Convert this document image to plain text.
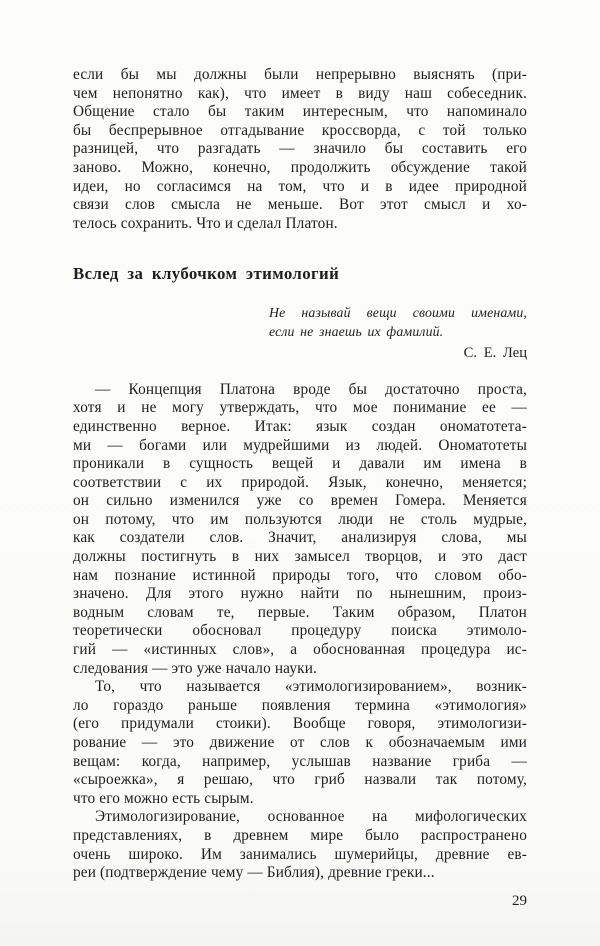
если бы мы должны были непрерывно выяснять (при-
чем непонятно как), что имеет в виду наш собеседник.
Общение стало бы таким интересным, что напоминало
бы беспрерывное отгадывание кроссворда, с той только
разницей, что разгадать — значило бы составить его
заново. Можно, конечно, продолжить обсуждение такой
идеи, но согласимся на том, что и в идее природной
связи слов смысла не меньше. Вот этот смысл и хо-
телось сохранить. Что и сделал Платон.
Вслед за клубочком этимологий
Не называй вещи своими именами,
если не знаешь их фамилий.
С. Е. Лец
— Концепция Платона вроде бы достаточно проста,
хотя и не могу утверждать, что мое понимание ее —
единственно верное. Итак: язык создан ономатотета-
ми — богами или мудрейшими из людей. Ономатотеты
проникали в сущность вещей и давали им имена в
соответствии с их природой. Язык, конечно, меняется;
он сильно изменился уже со времен Гомера. Меняется
он потому, что им пользуются люди не столь мудрые,
как создатели слов. Значит, анализируя слова, мы
должны постигнуть в них замысел творцов, и это даст
нам познание истинной природы того, что словом обо-
значено. Для этого нужно найти по нынешним, произ-
водным словам те, первые. Таким образом, Платон
теоретически обосновал процедуру поиска этимоло-
гий — «истинных слов», а обоснованная процедура ис-
следования — это уже начало науки.
То, что называется «этимологизированием», возник-
ло гораздо раньше появления термина «этимология»
(его придумали стоики). Вообще говоря, этимологизи-
рование — это движение от слов к обозначаемым ими
вещам: когда, например, услышав название гриба —
«сыроежка», я решаю, что гриб назвали так потому,
что его можно есть сырым.
Этимологизирование, основанное на мифологических
представлениях, в древнем мире было распространено
очень широко. Им занимались шумерийцы, древние ев-
реи (подтверждение чему — Библия), древние греки...
29
